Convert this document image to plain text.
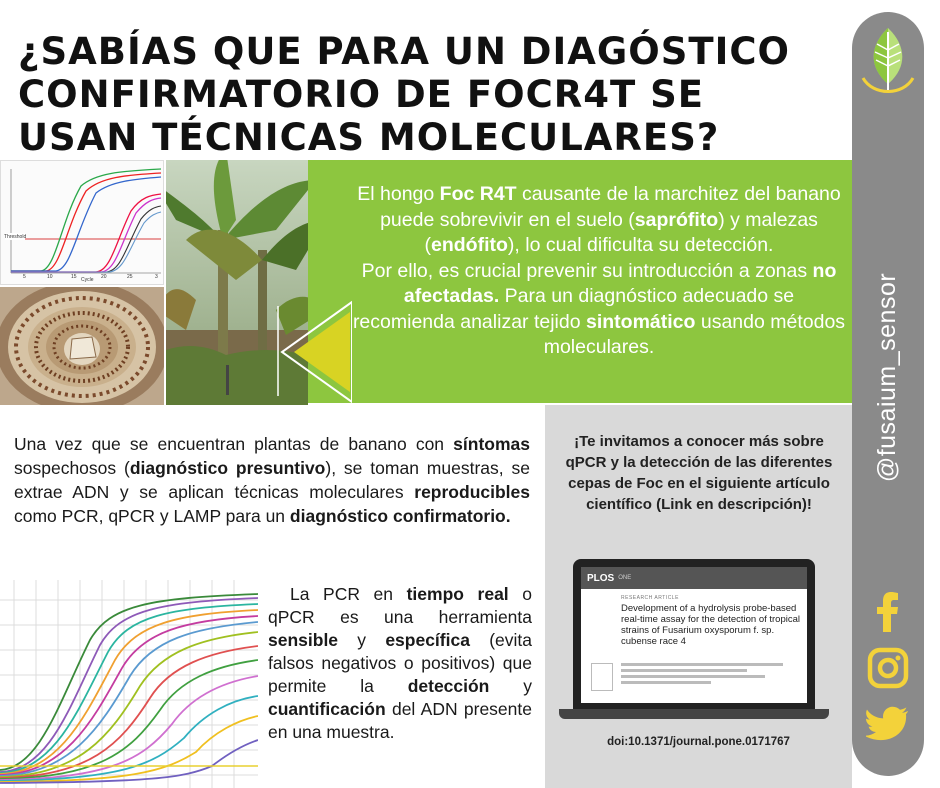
¿SABÍAS QUE PARA UN DIAGÓSTICO
CONFIRMATORIO DE FOCR4T SE
USAN TÉCNICAS MOLECULARES?
Threshold
Cycle
5	10	15	20	25	3

El hongo Foc R4T causante de la marchitez del banano puede sobrevivir en el suelo (saprófito) y malezas (endófito), lo cual dificulta su detección.
Por ello, es crucial prevenir su introducción a zonas no afectadas. Para un diagnóstico adecuado se recomienda analizar tejido sintomático usando métodos moleculares.

Una vez que se encuentran plantas de banano con síntomas sospechosos (diagnóstico presuntivo), se toman muestras, se extrae ADN y se aplican técnicas moleculares reproducibles como PCR, qPCR y LAMP para un diagnóstico confirmatorio.

La PCR en tiempo real o qPCR es una herramienta sensible y específica (evita falsos negativos o positivos) que permite la detección y cuantificación del ADN presente en una muestra.

¡Te invitamos a conocer más sobre qPCR y la detección de las diferentes cepas de Foc en el siguiente artículo científico (Link en descripción)!

PLOS ONE
RESEARCH ARTICLE

Development of a hydrolysis probe-based real-time assay for the detection of tropical strains of Fusarium oxysporum f. sp. cubense race 4

doi:10.1371/journal.pone.0171767

@fusaium_sensor
